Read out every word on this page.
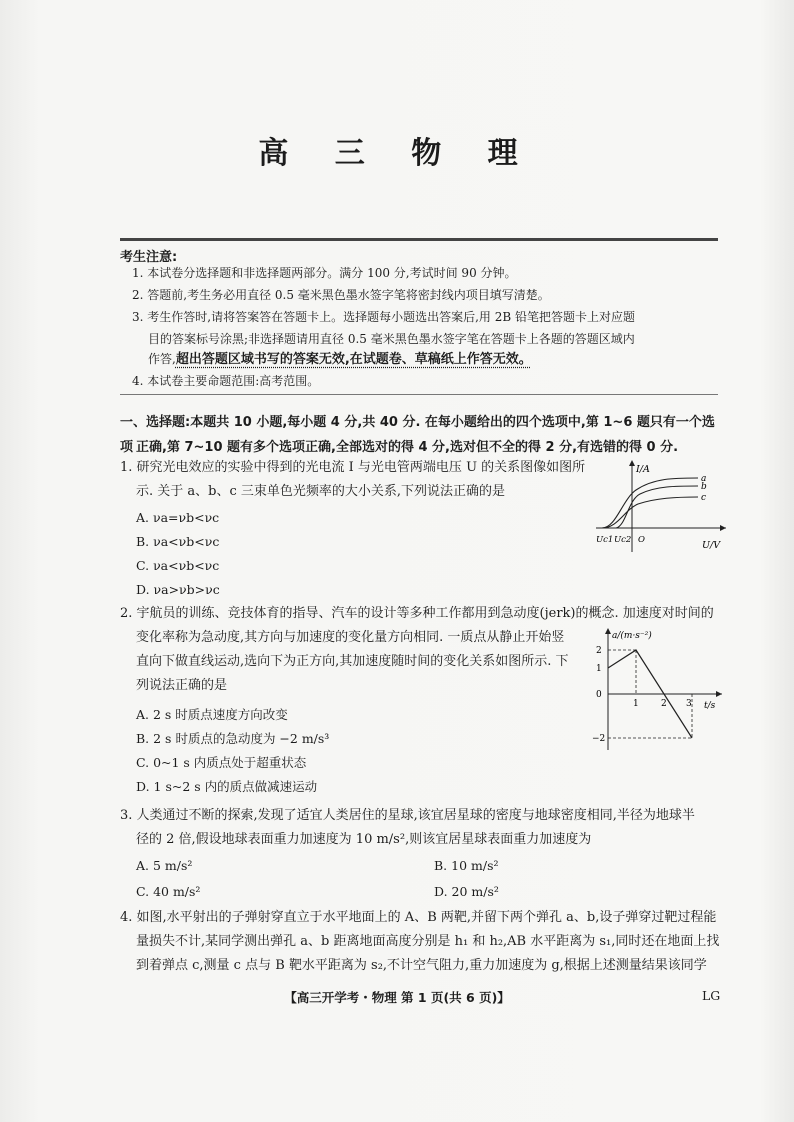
高 三 物 理
考生注意:
1. 本试卷分选择题和非选择题两部分。满分 100 分,考试时间 90 分钟。
2. 答题前,考生务必用直径 0.5 毫米黑色墨水签字笔将密封线内项目填写清楚。
3. 考生作答时,请将答案答在答题卡上。选择题每小题选出答案后,用 2B 铅笔把答题卡上对应题
目的答案标号涂黑;非选择题请用直径 0.5 毫米黑色墨水签字笔在答题卡上各题的答题区域内
作答,超出答题区域书写的答案无效,在试题卷、草稿纸上作答无效。
4. 本试卷主要命题范围:高考范围。
一、选择题:本题共 10 小题,每小题 4 分,共 40 分. 在每小题给出的四个选项中,第 1~6 题只有一个选项 正确,第 7~10 题有多个选项正确,全部选对的得 4 分,选对但不全的得 2 分,有选错的得 0 分.
1. 研究光电效应的实验中得到的光电流 I 与光电管两端电压 U 的关系图像如图所
示. 关于 a、b、c 三束单色光频率的大小关系,下列说法正确的是
A. νa=νb<νc
B. νa<νb<νc
C. νa<νb<νc
D. νa>νb>νc
I/A
U/V
a
b
c
Uc1 Uc2 O
2. 宇航员的训练、竞技体育的指导、汽车的设计等多种工作都用到急动度(jerk)的概念. 加速度对时间的
变化率称为急动度,其方向与加速度的变化量方向相同. 一质点从静止开始竖
直向下做直线运动,选向下为正方向,其加速度随时间的变化关系如图所示. 下
列说法正确的是
A. 2 s 时质点速度方向改变
B. 2 s 时质点的急动度为 −2 m/s³
C. 0~1 s 内质点处于超重状态
D. 1 s~2 s 内的质点做减速运动
a/(m·s⁻²)
t/s
2
1
0
−2
1 2 3
3. 人类通过不断的探索,发现了适宜人类居住的星球,该宜居星球的密度与地球密度相同,半径为地球半
径的 2 倍,假设地球表面重力加速度为 10 m/s²,则该宜居星球表面重力加速度为
A. 5 m/s²	B. 10 m/s²
C. 40 m/s²	D. 20 m/s²
4. 如图,水平射出的子弹射穿直立于水平地面上的 A、B 两靶,并留下两个弹孔 a、b,设子弹穿过靶过程能
量损失不计,某同学测出弹孔 a、b 距离地面高度分别是 h₁ 和 h₂,AB 水平距离为 s₁,同时还在地面上找
到着弹点 c,测量 c 点与 B 靶水平距离为 s₂,不计空气阻力,重力加速度为 g,根据上述测量结果该同学
【高三开学考・物理 第 1 页(共 6 页)】	LG
